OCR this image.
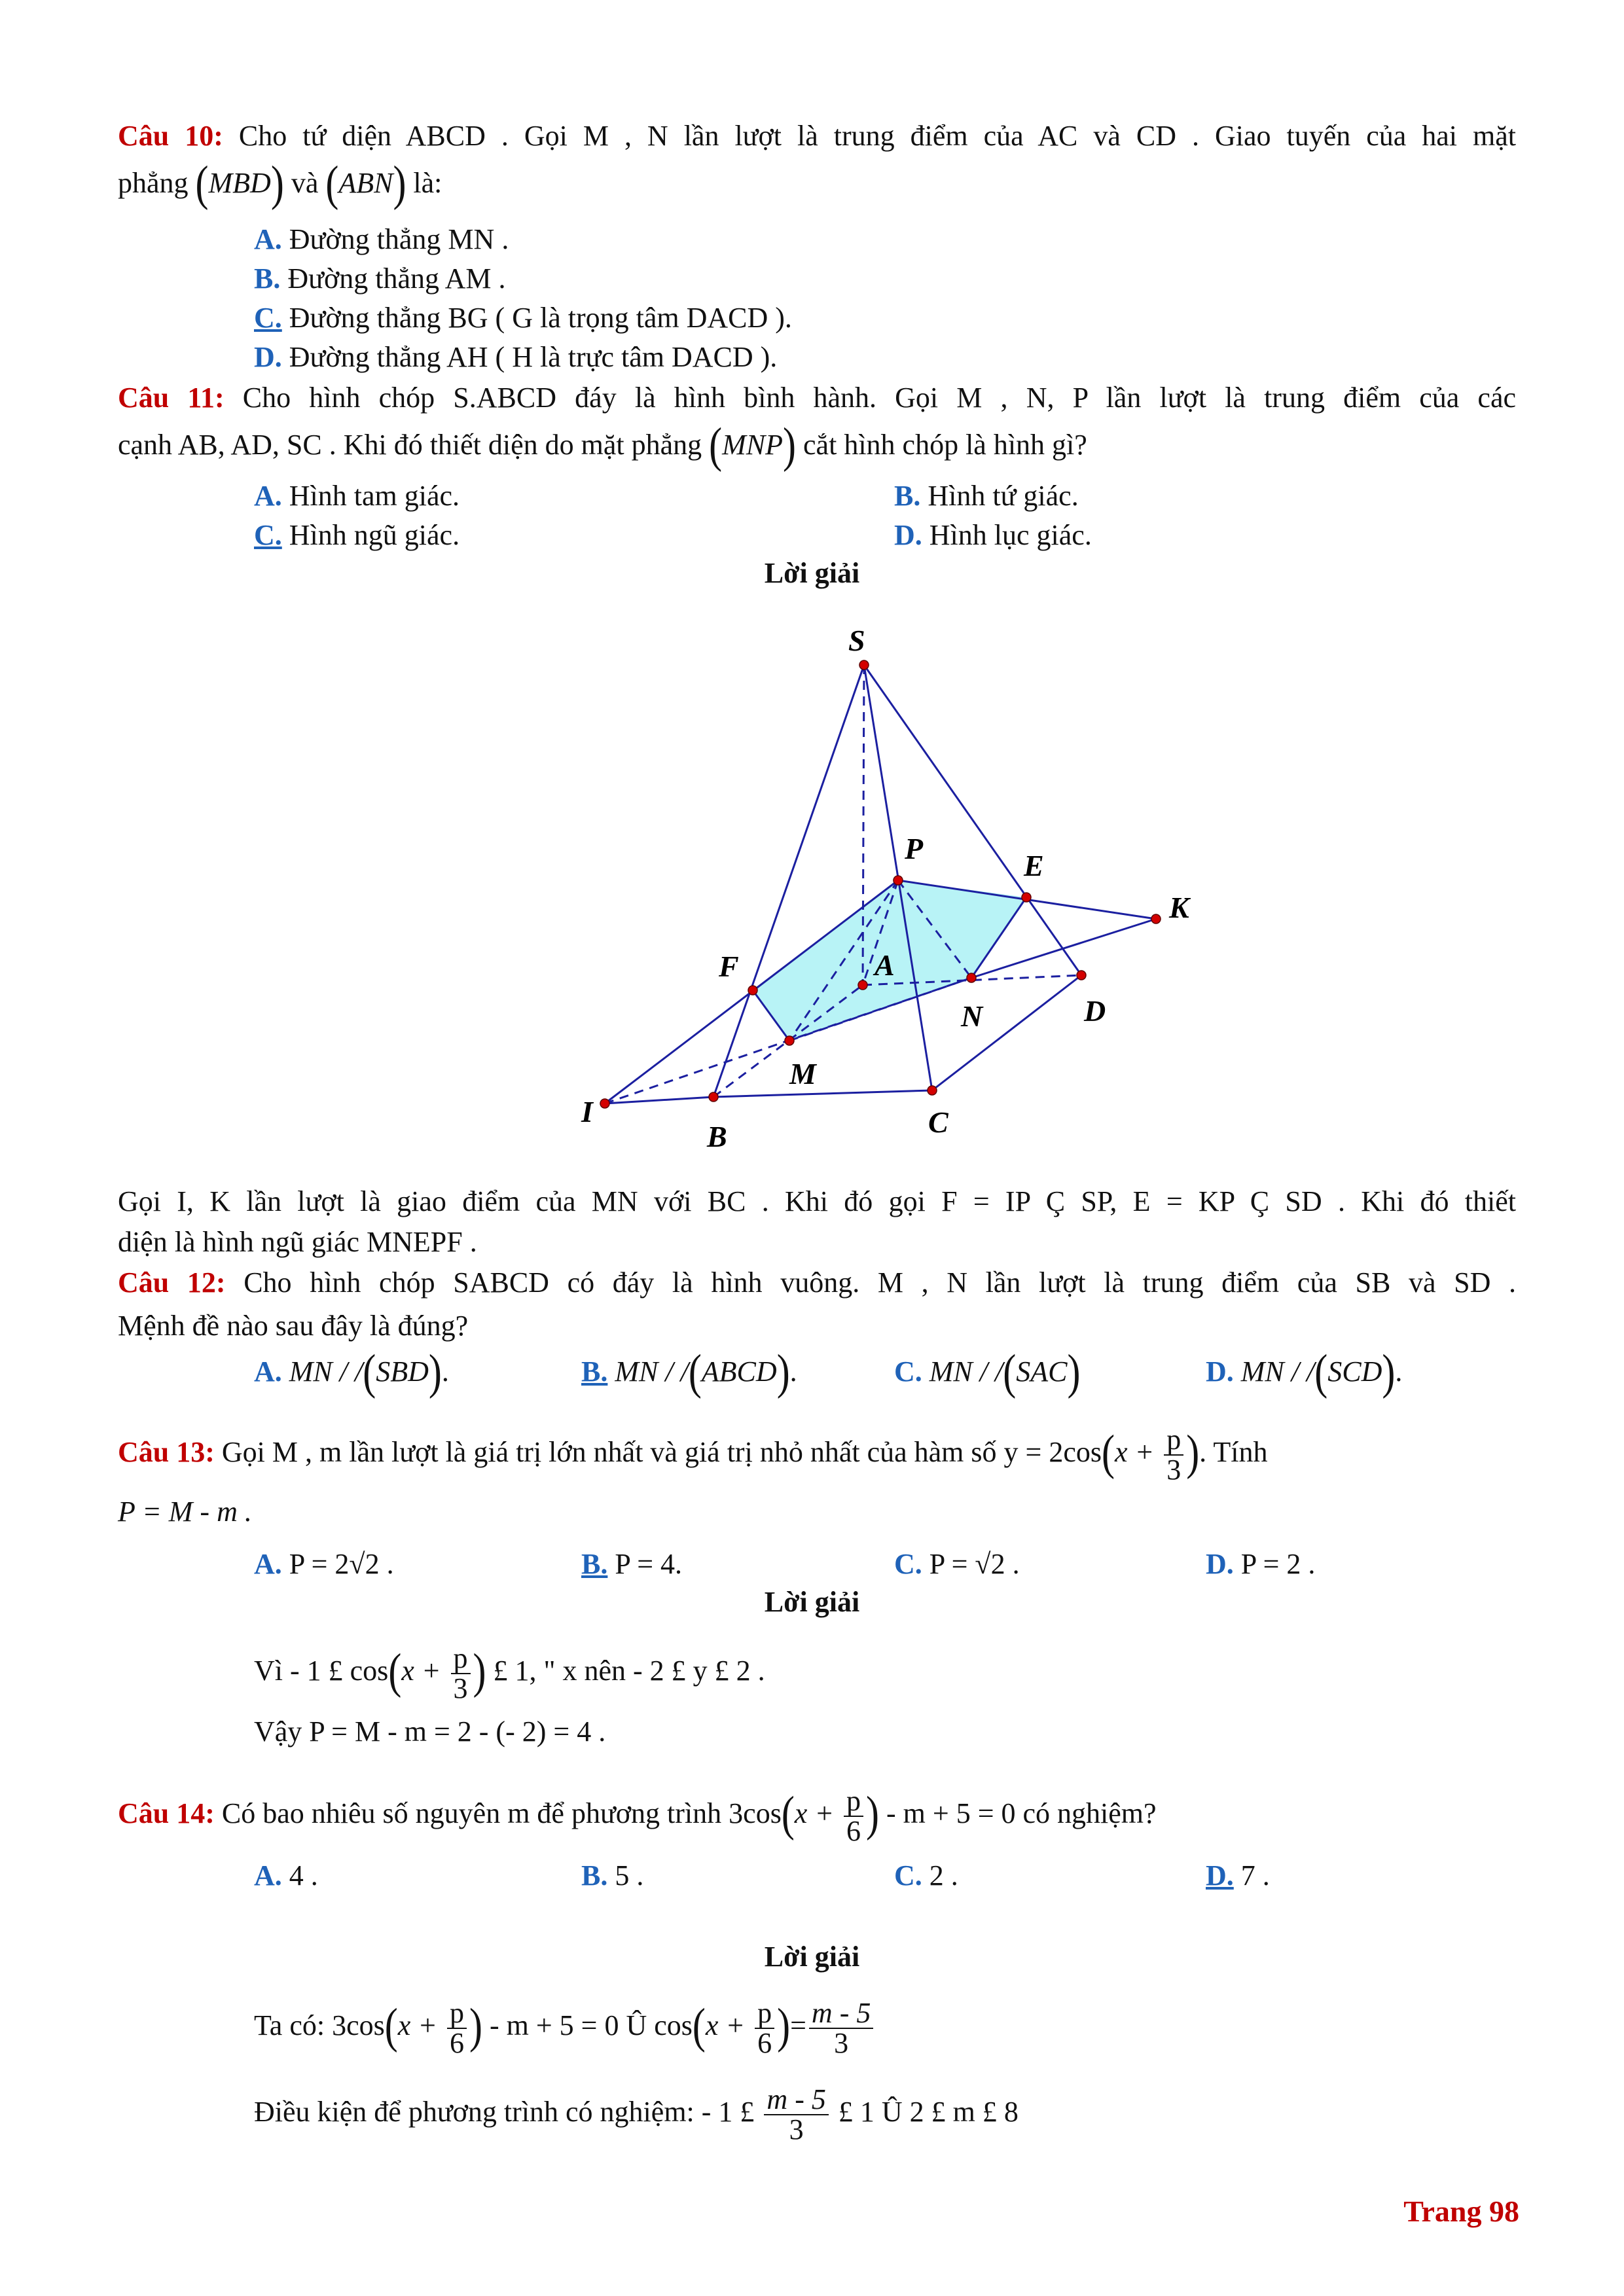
Câu 10: Cho tứ diện ABCD . Gọi M , N lần lượt là trung điểm của AC và CD . Giao tuyến của hai mặt
phẳng (MBD) và (ABN) là:
A. Đường thẳng MN .
B. Đường thẳng AM .
C. Đường thẳng BG ( G là trọng tâm DACD ).
D. Đường thẳng AH ( H là trực tâm DACD ).
Câu 11: Cho hình chóp S.ABCD đáy là hình bình hành. Gọi M , N, P lần lượt là trung điểm của các
cạnh AB, AD, SC . Khi đó thiết diện do mặt phẳng (MNP) cắt hình chóp là hình gì?
A. Hình tam giác.	B. Hình tứ giác.
C. Hình ngũ giác.	D. Hình lục giác.
Lời giải
S
P
E
K
F	A
N	D
M
I
B	C
Gọi I, K lần lượt là giao điểm của MN với BC . Khi đó gọi F = IP Ç SP, E = KP Ç SD . Khi đó thiết
diện là hình ngũ giác MNEPF .
Câu 12: Cho hình chóp SABCD có đáy là hình vuông. M , N lần lượt là trung điểm của SB và SD .
Mệnh đề nào sau đây là đúng?
A. MN / /(SBD).	B. MN / /(ABCD).	C. MN / /(SAC)	D. MN / /(SCD).
Câu 13: Gọi M , m lần lượt là giá trị lớn nhất và giá trị nhỏ nhất của hàm số $y = 2\cos(x + \frac{p}{3}$ ). Tính
P = M - m .
A. P = 2√2 .	B. P = 4.	C. P = √2 .	D. P = 2 .
Lời giải
Vì - 1 £ $\cos(x + \frac{p}{3}$ ) £ 1, " x nên - 2 £ y £ 2 .
Vậy P = M - m = 2 - (- 2) = 4 .
Câu 14: Có bao nhiêu số nguyên m để phương trình $3\cos(x + \frac{p}{6}$ ) - m + 5 = 0 có nghiệm?
A. 4 .	B. 5 .	C. 2 .	D. 7 .
Lời giải
Ta có: $3\cos(x + \frac{p}{6}$ ) - m + 5 = 0 Û $\cos(x + \frac{p}{6}$ )= $\frac{m - 5}{3}$
Điều kiện để phương trình có nghiệm: - 1 £ $\frac{m - 5}{3}$ £ 1 Û 2 £ m £ 8
Trang 98
